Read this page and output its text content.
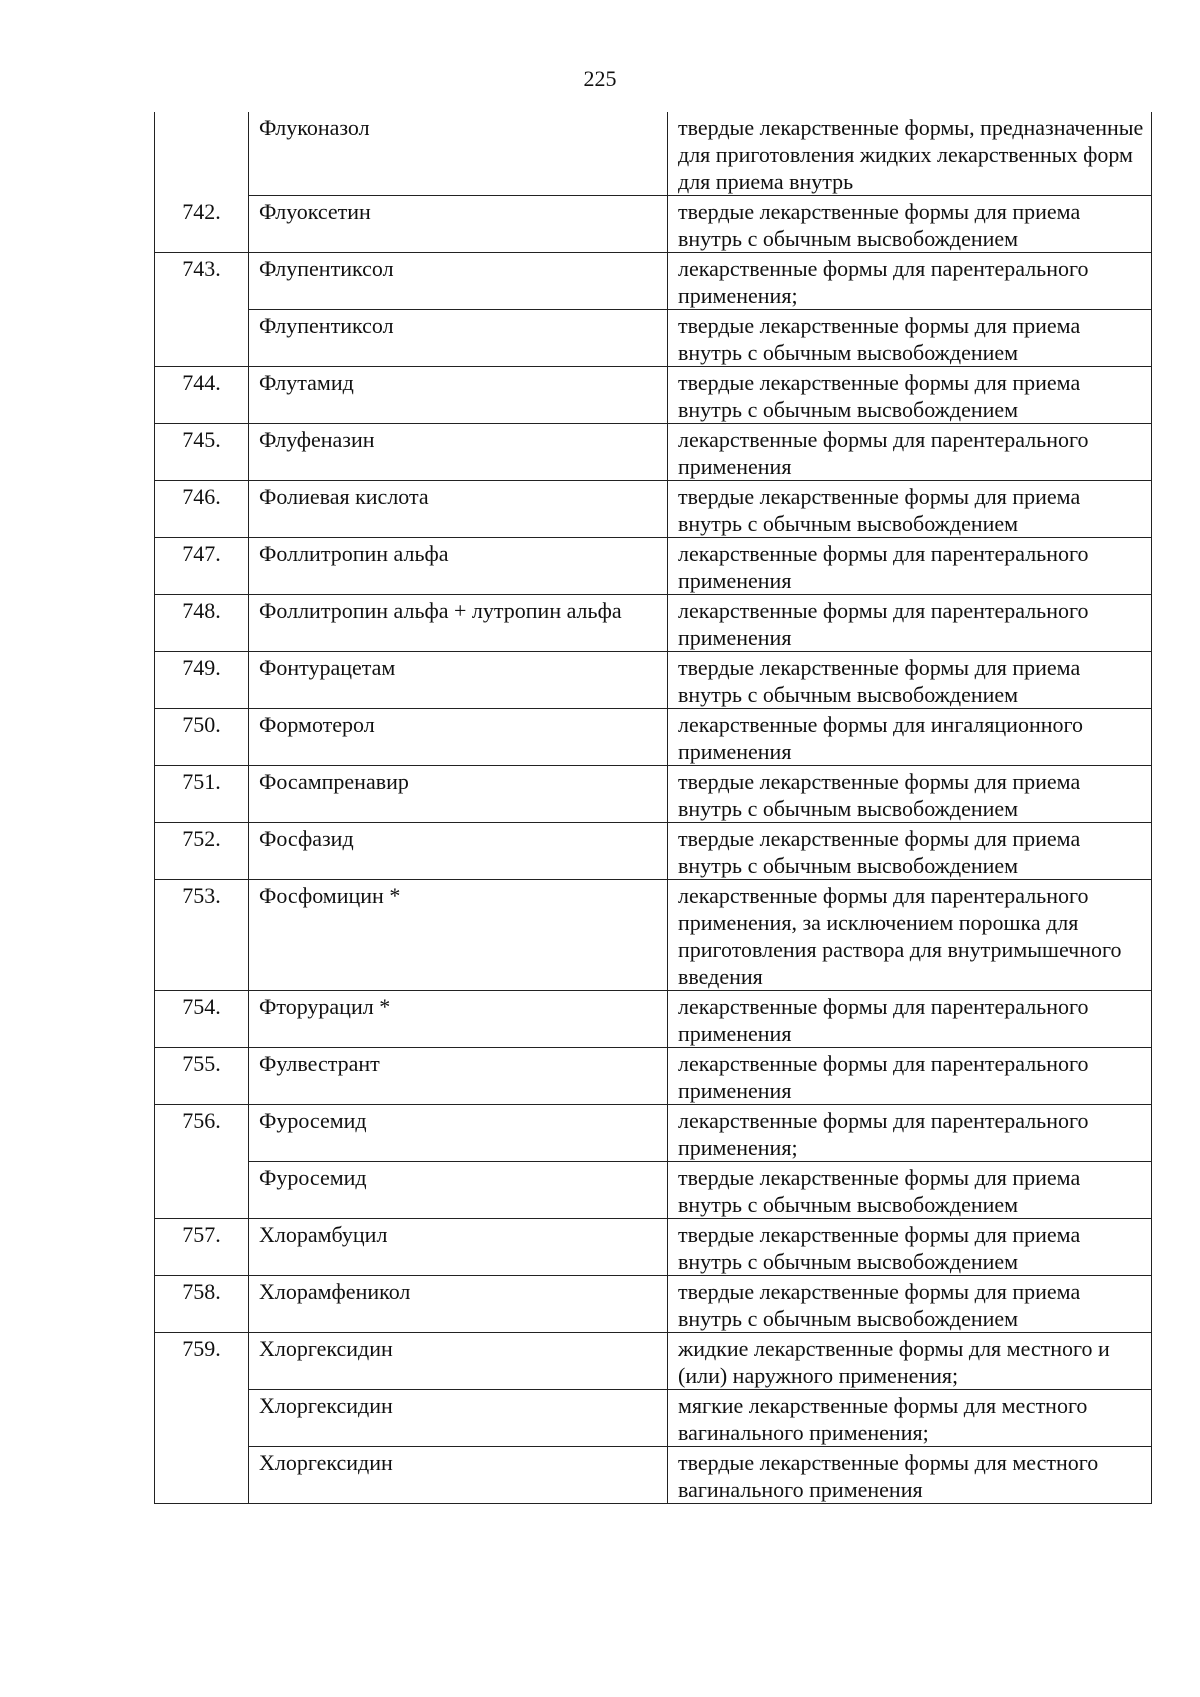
225
	Флуконазол	твердые лекарственные формы, предназначенные для приготовления жидких лекарственных форм для приема внутрь
742.	Флуоксетин	твердые лекарственные формы для приема внутрь с обычным высвобождением
743.	Флупентиксол	лекарственные формы для парентерального применения;
	Флупентиксол	твердые лекарственные формы для приема внутрь с обычным высвобождением
744.	Флутамид	твердые лекарственные формы для приема внутрь с обычным высвобождением
745.	Флуфеназин	лекарственные формы для парентерального применения
746.	Фолиевая кислота	твердые лекарственные формы для приема внутрь с обычным высвобождением
747.	Фоллитропин альфа	лекарственные формы для парентерального применения
748.	Фоллитропин альфа + лутропин альфа	лекарственные формы для парентерального применения
749.	Фонтурацетам	твердые лекарственные формы для приема внутрь с обычным высвобождением
750.	Формотерол	лекарственные формы для ингаляционного применения
751.	Фосампренавир	твердые лекарственные формы для приема внутрь с обычным высвобождением
752.	Фосфазид	твердые лекарственные формы для приема внутрь с обычным высвобождением
753.	Фосфомицин *	лекарственные формы для парентерального применения, за исключением порошка для приготовления раствора для внутримышечного введения
754.	Фторурацил *	лекарственные формы для парентерального применения
755.	Фулвестрант	лекарственные формы для парентерального применения
756.	Фуросемид	лекарственные формы для парентерального применения;
	Фуросемид	твердые лекарственные формы для приема внутрь с обычным высвобождением
757.	Хлорамбуцил	твердые лекарственные формы для приема внутрь с обычным высвобождением
758.	Хлорамфеникол	твердые лекарственные формы для приема внутрь с обычным высвобождением
759.	Хлоргексидин	жидкие лекарственные формы для местного и (или) наружного применения;
	Хлоргексидин	мягкие лекарственные формы для местного вагинального применения;
	Хлоргексидин	твердые лекарственные формы для местного вагинального применения
